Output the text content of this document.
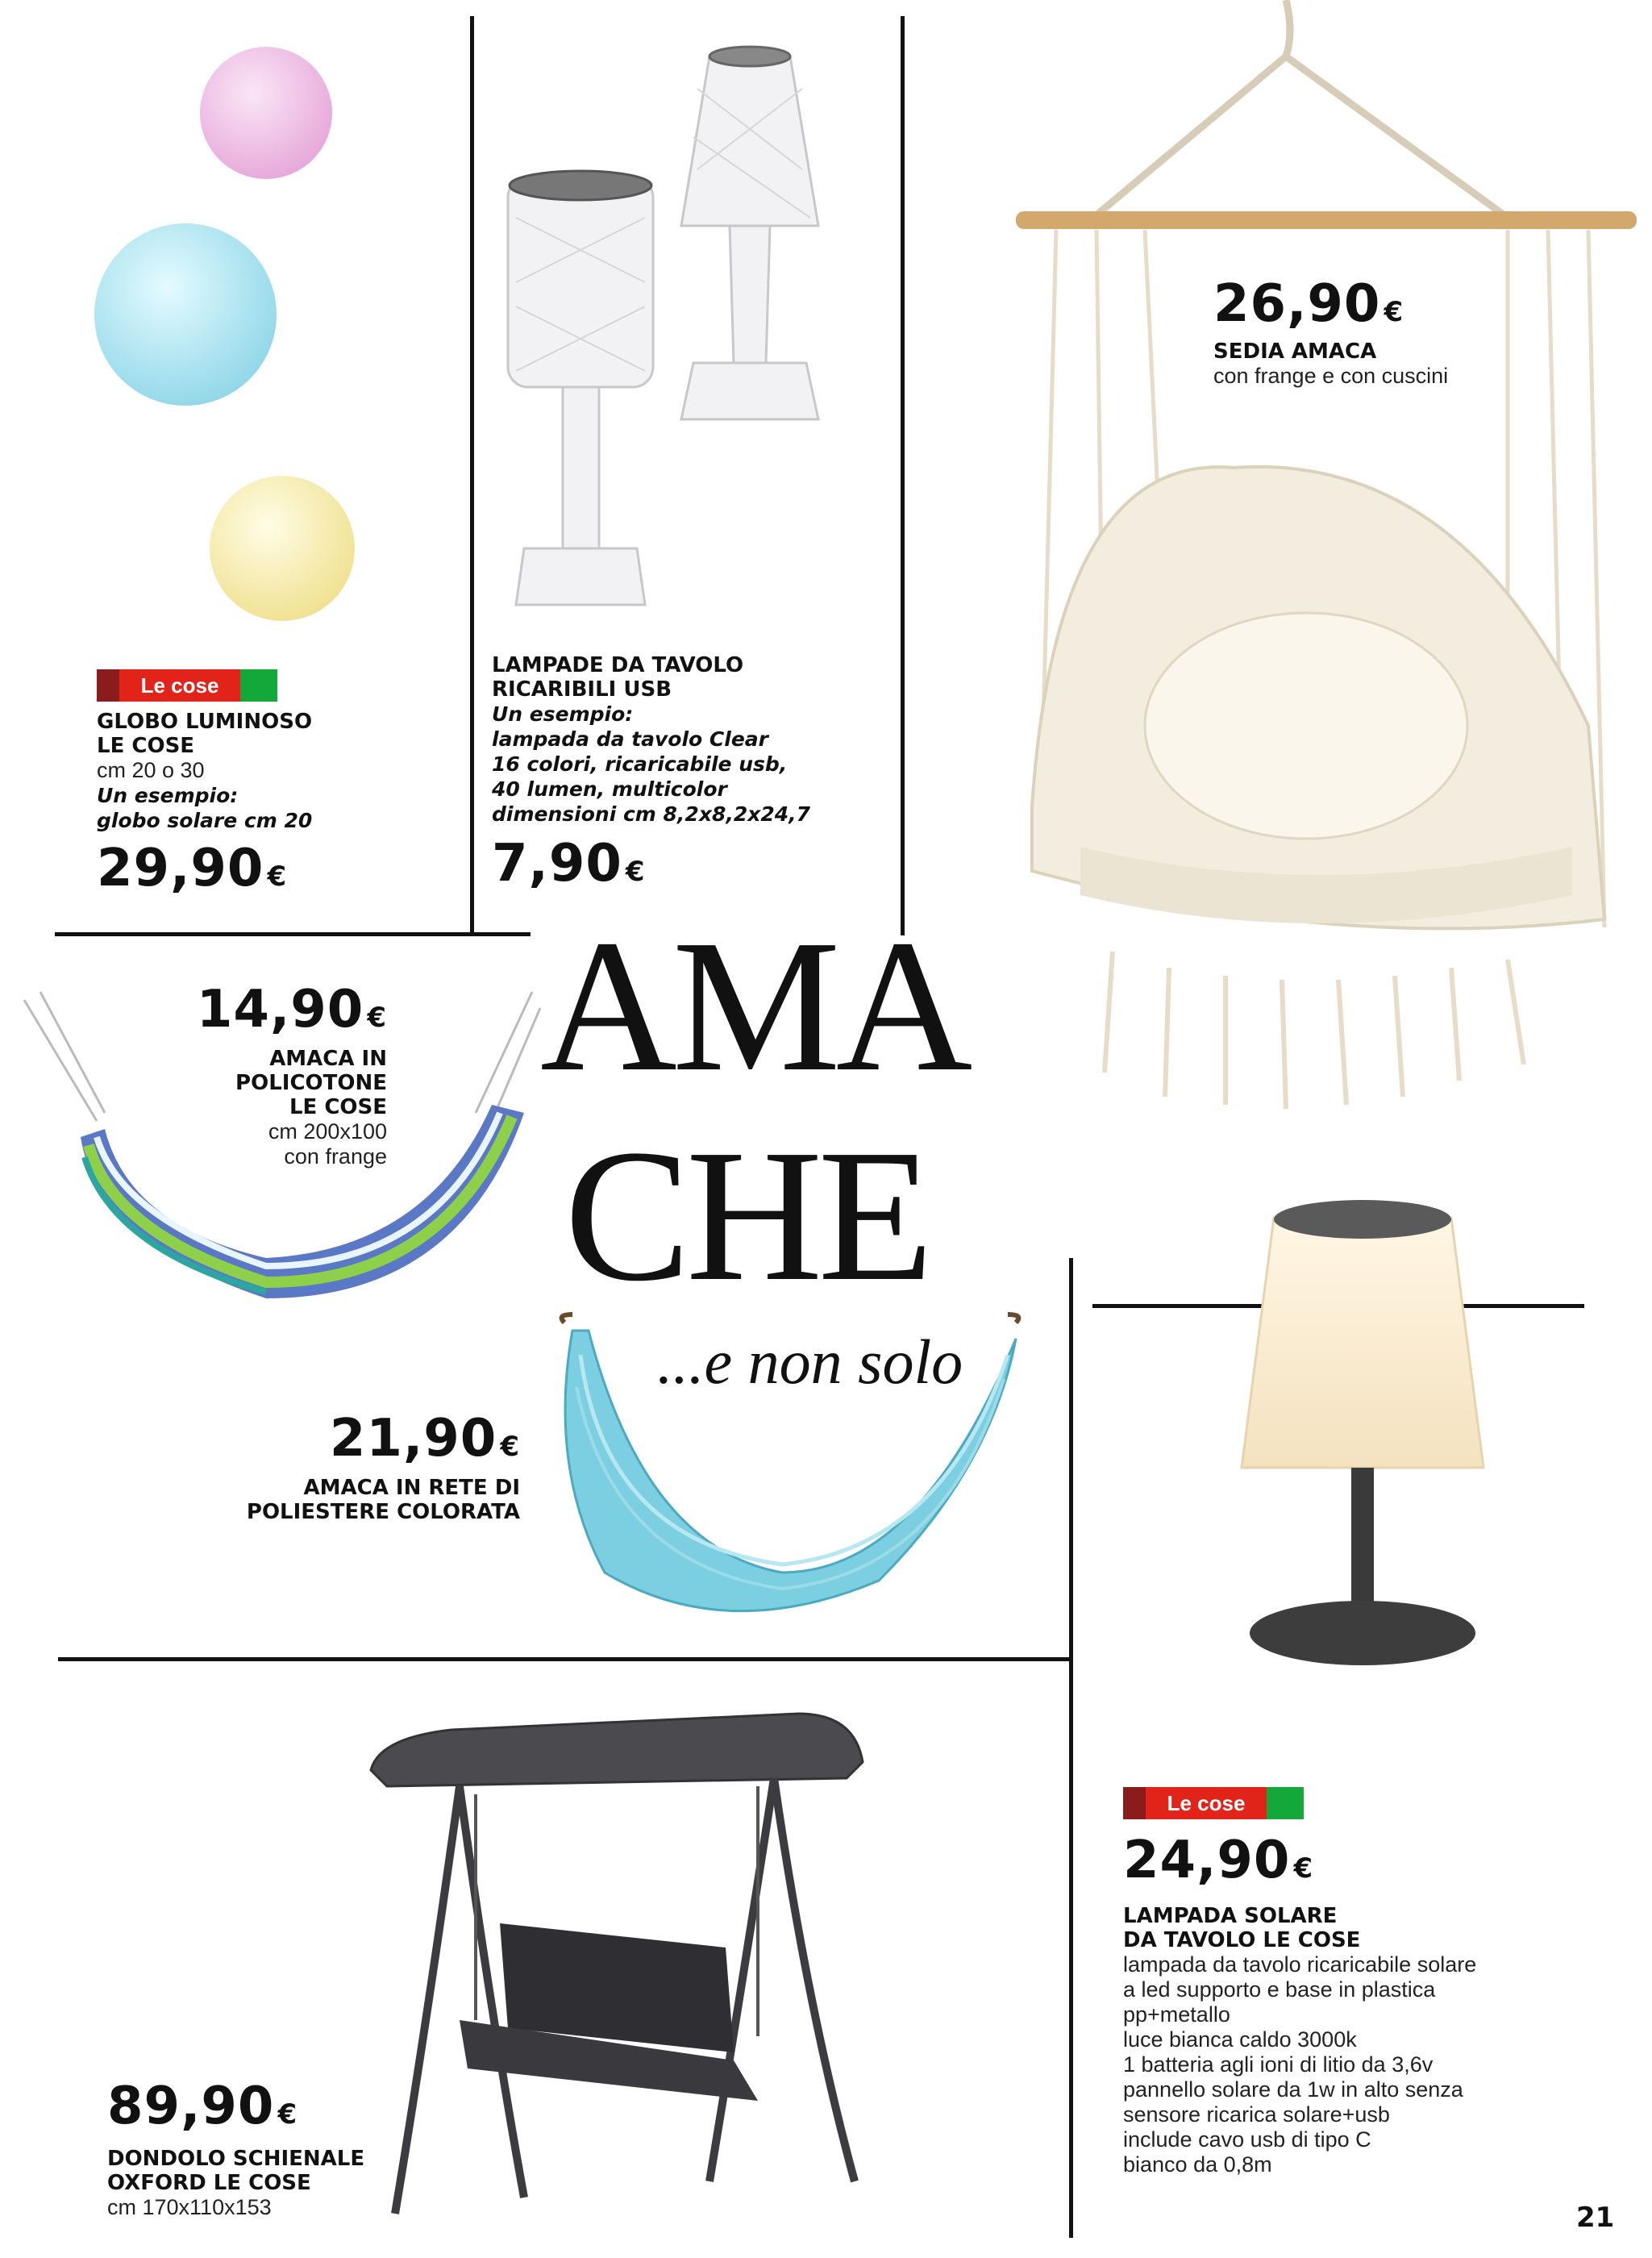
AMA
CHE
...e non solo
Le cose
GLOBO LUMINOSO
LE COSE
cm 20 o 30
Un esempio:
globo solare cm 20
29,90 €
LAMPADE DA TAVOLO
RICARIBILI USB
Un esempio:
lampada da tavolo Clear
16 colori, ricaricabile usb,
40 lumen, multicolor
dimensioni cm 8,2x8,2x24,7
7,90 €
26,90 €
SEDIA AMACA
con frange e con cuscini
14,90 €
AMACA IN
POLICOTONE
LE COSE
cm 200x100
con frange
21,90 €
AMACA IN RETE DI
POLIESTERE COLORATA
Le cose
24,90 €
LAMPADA SOLARE
DA TAVOLO LE COSE
lampada da tavolo ricaricabile solare
a led supporto e base in plastica
pp+metallo
luce bianca caldo 3000k
1 batteria agli ioni di litio da 3,6v
pannello solare da 1w in alto senza
sensore ricarica solare+usb
include cavo usb di tipo C
bianco da 0,8m
89,90 €
DONDOLO SCHIENALE
OXFORD LE COSE
cm 170x110x153	21
